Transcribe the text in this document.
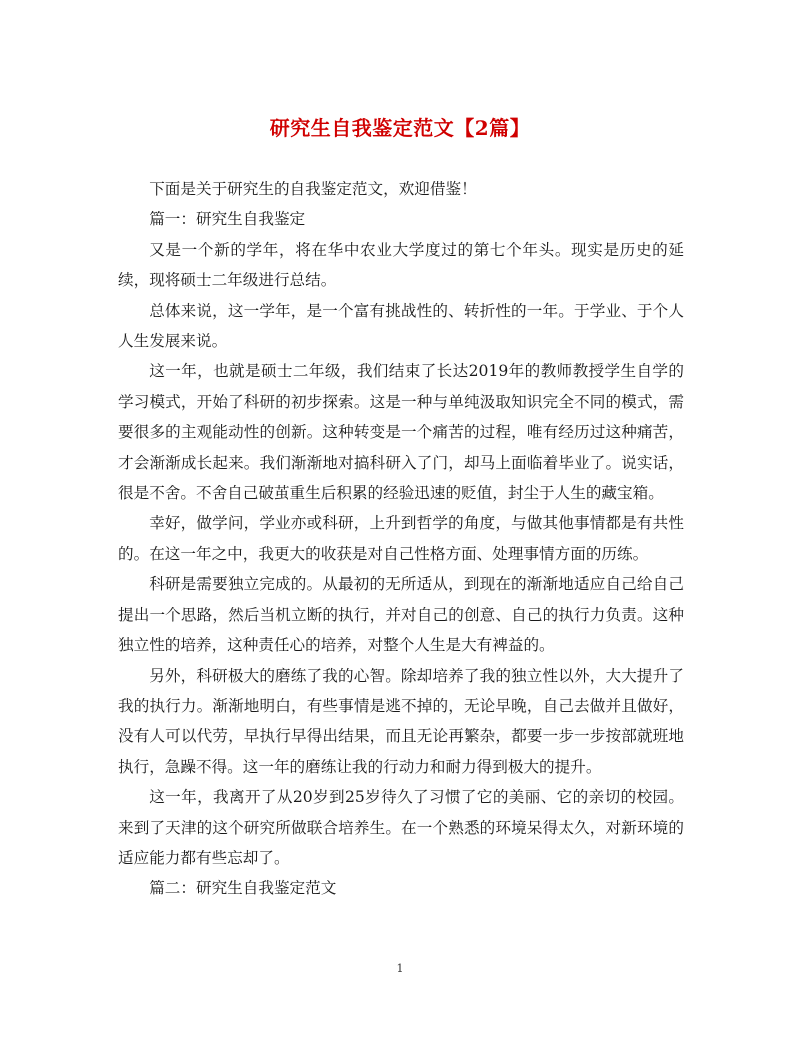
研究生自我鉴定范文【2篇】

下面是关于研究生的自我鉴定范文，欢迎借鉴！

篇一：研究生自我鉴定

又是一个新的学年，将在华中农业大学度过的第七个年头。现实是历史的延续，现将硕士二年级进行总结。

总体来说，这一学年，是一个富有挑战性的、转折性的一年。于学业、于个人人生发展来说。

这一年，也就是硕士二年级，我们结束了长达2019年的教师教授学生自学的学习模式，开始了科研的初步探索。这是一种与单纯汲取知识完全不同的模式，需 要很多的主观能动性的创新。这种转变是一个痛苦的过程，唯有经历过这种痛苦，才会渐渐成长起来。我们渐渐地对搞科研入了门，却马上面临着毕业了。说实话， 很是不舍。不舍自己破茧重生后积累的经验迅速的贬值，封尘于人生的藏宝箱。

幸好，做学问，学业亦或科研，上升到哲学的角度，与做其他事情都是有共性的。在这一年之中，我更大的收获是对自己性格方面、处理事情方面的历练。

科研是需要独立完成的。从最初的无所适从，到现在的渐渐地适应自己给自己提出一个思路，然后当机立断的执行，并对自己的创意、自己的执行力负责。这种独立性的培养，这种责任心的培养，对整个人生是大有裨益的。

另外，科研极大的磨练了我的心智。除却培养了我的独立性以外，大大提升了我的执行力。渐渐地明白，有些事情是逃不掉的，无论早晚，自己去做并且做好，没有人可以代劳，早执行早得出结果，而且无论再繁杂，都要一步一步按部就班地执行，急躁不得。这一年的磨练让我的行动力和耐力得到极大的提升。

这一年，我离开了从20岁到25岁待久了习惯了它的美丽、它的亲切的校园。来到了天津的这个研究所做联合培养生。在一个熟悉的环境呆得太久，对新环境的适应能力都有些忘却了。

篇二：研究生自我鉴定范文

1
